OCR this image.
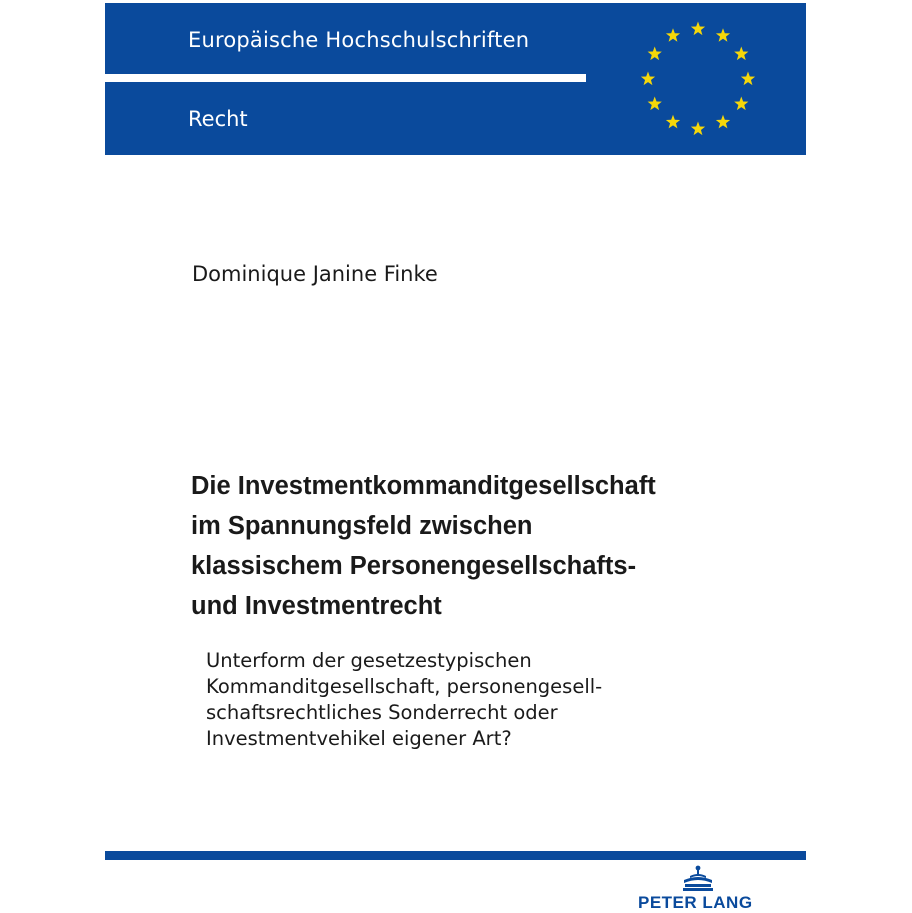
Europäische Hochschulschriften
Recht
Dominique Janine Finke
Die Investmentkommanditgesellschaft
im Spannungsfeld zwischen
klassischem Personengesellschafts-
und Investmentrecht
Unterform der gesetzestypischen
Kommanditgesellschaft, personengesell-
schaftsrechtliches Sonderrecht oder
Investmentvehikel eigener Art?
PETER LANG
